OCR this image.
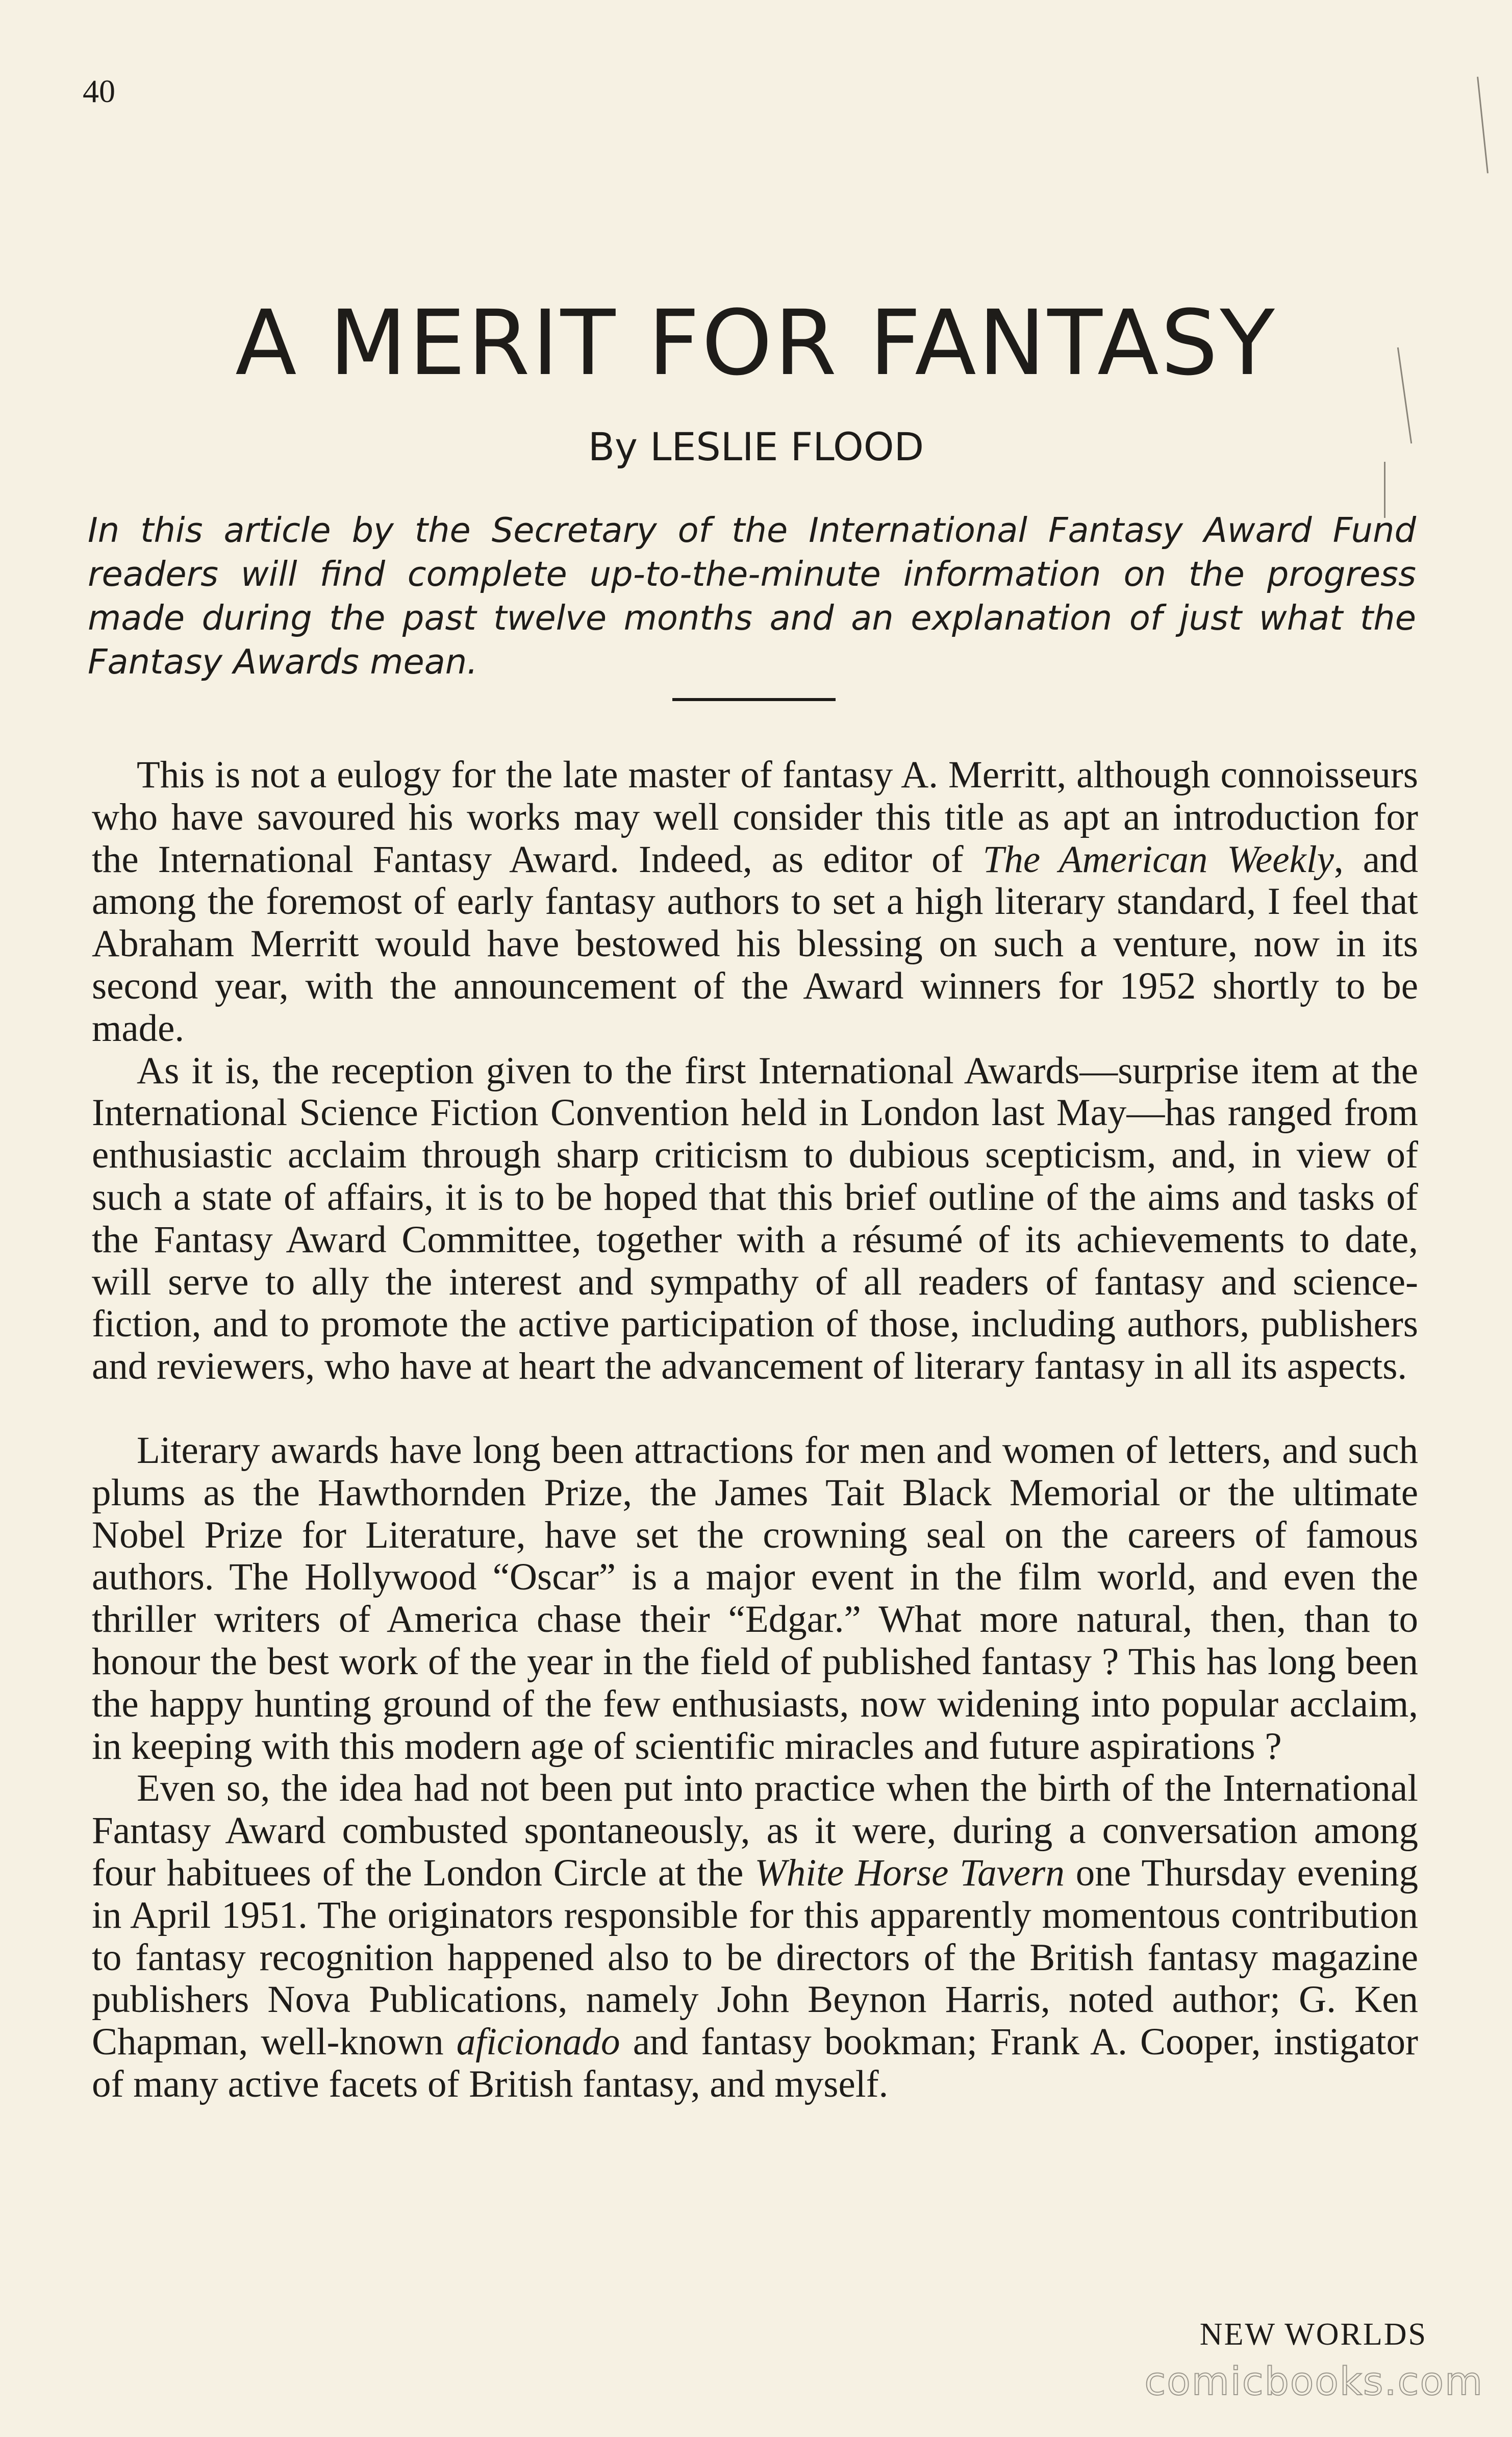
40
A MERIT FOR FANTASY
By LESLIE FLOOD

In this article by the Secretary of the International Fantasy Award Fund readers will find complete up-to-the-minute information on the progress made during the past twelve months and an explanation of just what the Fantasy Awards mean.

This is not a eulogy for the late master of fantasy A. Merritt, although connoisseurs who have savoured his works may well consider this title as apt an introduction for the International Fantasy Award. Indeed, as editor of The American Weekly, and among the foremost of early fantasy authors to set a high literary standard, I feel that Abraham Merritt would have bestowed his blessing on such a venture, now in its second year, with the announcement of the Award winners for 1952 shortly to be made.

As it is, the reception given to the first International Awards—surprise item at the International Science Fiction Convention held in London last May—has ranged from enthusiastic acclaim through sharp criticism to dubious scepticism, and, in view of such a state of affairs, it is to be hoped that this brief outline of the aims and tasks of the Fantasy Award Committee, together with a résumé of its achievements to date, will serve to ally the interest and sympathy of all readers of fantasy and science-fiction, and to promote the active participation of those, including authors, publishers and reviewers, who have at heart the advancement of literary fantasy in all its aspects.

Literary awards have long been attractions for men and women of letters, and such plums as the Hawthornden Prize, the James Tait Black Memorial or the ultimate Nobel Prize for Literature, have set the crowning seal on the careers of famous authors. The Hollywood “Oscar” is a major event in the film world, and even the thriller writers of America chase their “Edgar.” What more natural, then, than to honour the best work of the year in the field of published fantasy ? This has long been the happy hunting ground of the few enthusiasts, now widening into popular acclaim, in keeping with this modern age of scientific miracles and future aspirations ?

Even so, the idea had not been put into practice when the birth of the International Fantasy Award combusted spontaneously, as it were, during a conversation among four habituees of the London Circle at the White Horse Tavern one Thursday evening in April 1951. The originators responsible for this apparently momentous contribution to fantasy recognition happened also to be directors of the British fantasy magazine publishers Nova Publications, namely John Beynon Harris, noted author; G. Ken Chapman, well-known aficionado and fantasy bookman; Frank A. Cooper, instigator of many active facets of British fantasy, and myself.

NEW WORLDS
comicbooks.com
